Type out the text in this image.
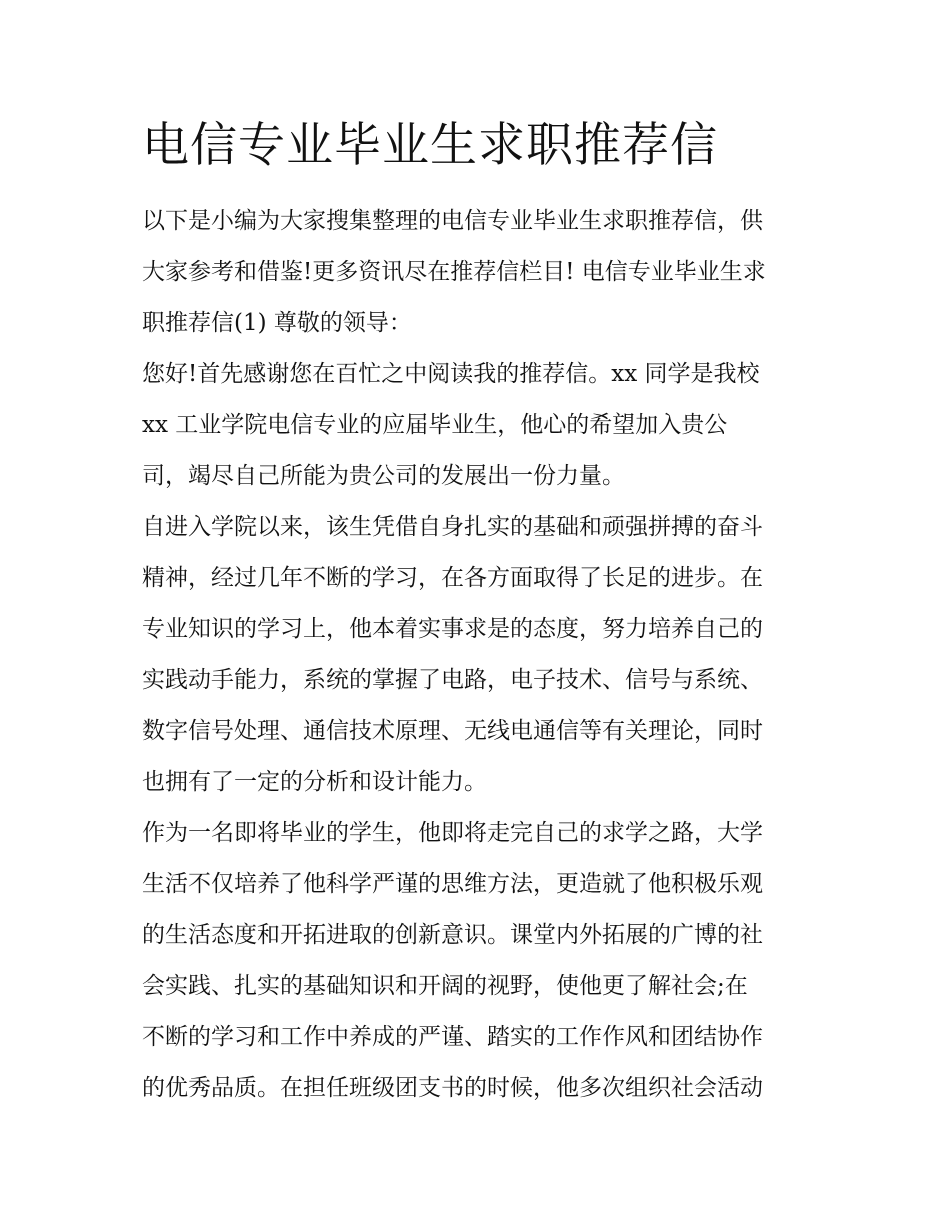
电信专业毕业生求职推荐信

以下是小编为大家搜集整理的电信专业毕业生求职推荐信，供
大家参考和借鉴!更多资讯尽在推荐信栏目! 电信专业毕业生求
职推荐信(1) 尊敬的领导：

您好!首先感谢您在百忙之中阅读我的推荐信。xx 同学是我校
xx 工业学院电信专业的应届毕业生，他心的希望加入贵公
司，竭尽自己所能为贵公司的发展出一份力量。

自进入学院以来，该生凭借自身扎实的基础和顽强拼搏的奋斗
精神，经过几年不断的学习，在各方面取得了长足的进步。在
专业知识的学习上，他本着实事求是的态度，努力培养自己的
实践动手能力，系统的掌握了电路，电子技术、信号与系统、
数字信号处理、通信技术原理、无线电通信等有关理论，同时
也拥有了一定的分析和设计能力。

作为一名即将毕业的学生，他即将走完自己的求学之路，大学
生活不仅培养了他科学严谨的思维方法，更造就了他积极乐观
的生活态度和开拓进取的创新意识。课堂内外拓展的广博的社
会实践、扎实的基础知识和开阔的视野，使他更了解社会;在
不断的学习和工作中养成的严谨、踏实的工作作风和团结协作
的优秀品质。在担任班级团支书的时候，他多次组织社会活动
